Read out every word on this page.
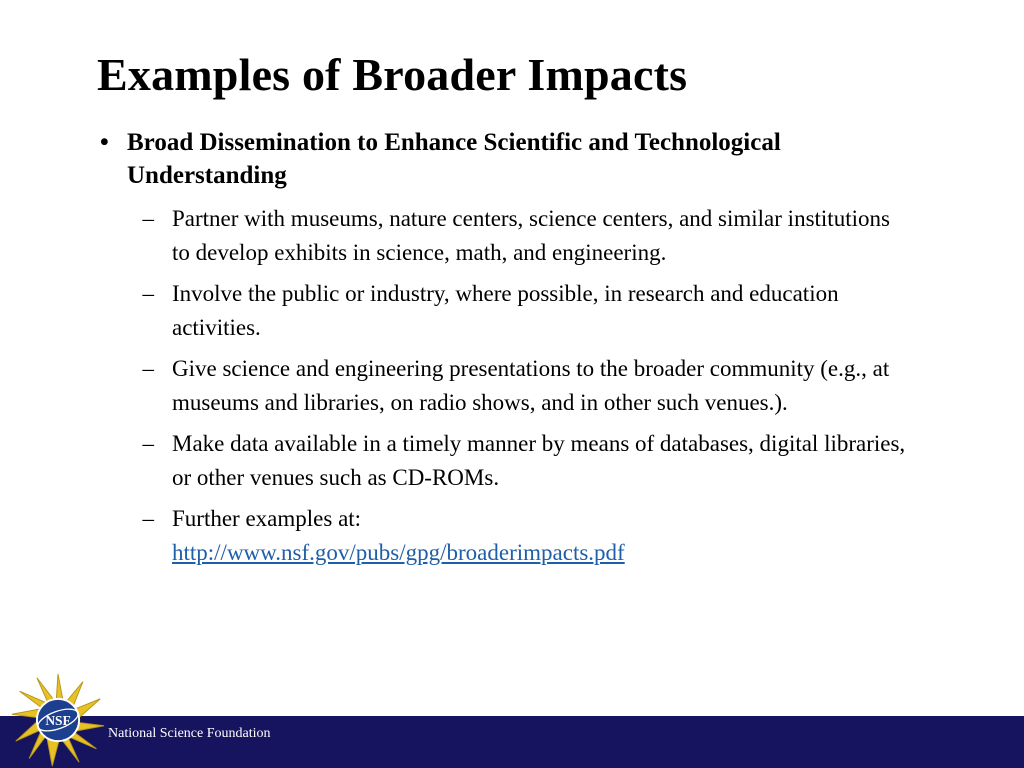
Examples of Broader Impacts
• Broad Dissemination to Enhance Scientific and Technological Understanding
– Partner with museums, nature centers, science centers, and similar institutions to develop exhibits in science, math, and engineering.
– Involve the public or industry, where possible, in research and education activities.
– Give science and engineering presentations to the broader community (e.g., at museums and libraries, on radio shows, and in other such venues.).
– Make data available in a timely manner by means of databases, digital libraries, or other venues such as CD-ROMs.
– Further examples at:
http://www.nsf.gov/pubs/gpg/broaderimpacts.pdf
NSF
National Science Foundation
